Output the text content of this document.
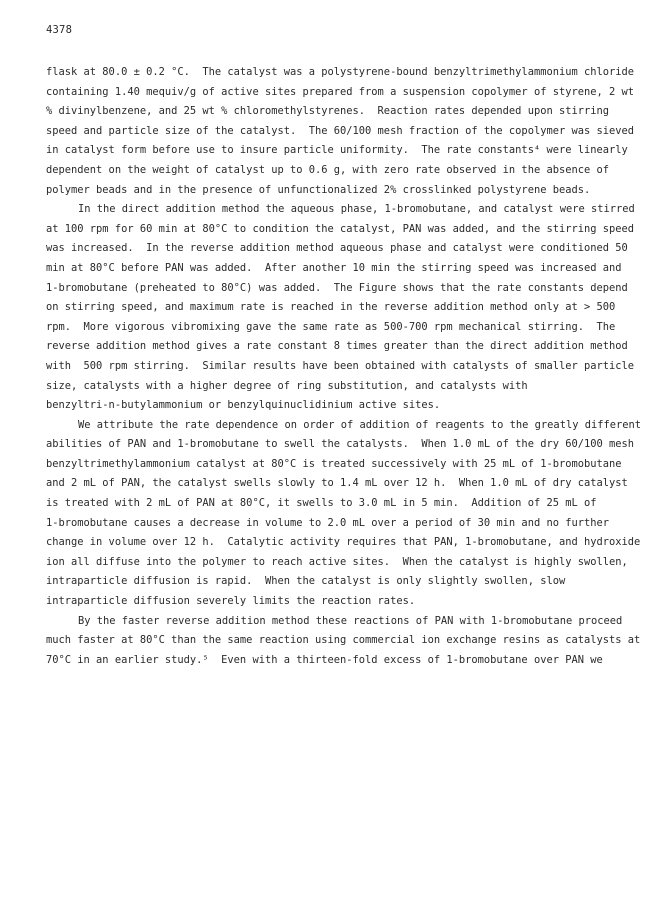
4378
flask at 80.0 ± 0.2 °C.  The catalyst was a polystyrene-bound benzyltrimethylammonium chloride
containing 1.40 mequiv/g of active sites prepared from a suspension copolymer of styrene, 2 wt
% divinylbenzene, and 25 wt % chloromethylstyrenes.  Reaction rates depended upon stirring
speed and particle size of the catalyst.  The 60/100 mesh fraction of the copolymer was sieved
in catalyst form before use to insure particle uniformity.  The rate constants⁴ were linearly
dependent on the weight of catalyst up to 0.6 g, with zero rate observed in the absence of
polymer beads and in the presence of unfunctionalized 2% crosslinked polystyrene beads.
In the direct addition method the aqueous phase, 1-bromobutane, and catalyst were stirred
at 100 rpm for 60 min at 80°C to condition the catalyst, PAN was added, and the stirring speed
was increased.  In the reverse addition method aqueous phase and catalyst were conditioned 50
min at 80°C before PAN was added.  After another 10 min the stirring speed was increased and
1-bromobutane (preheated to 80°C) was added.  The Figure shows that the rate constants depend
on stirring speed, and maximum rate is reached in the reverse addition method only at > 500
rpm.  More vigorous vibromixing gave the same rate as 500-700 rpm mechanical stirring.  The
reverse addition method gives a rate constant 8 times greater than the direct addition method
with  500 rpm stirring.  Similar results have been obtained with catalysts of smaller particle
size, catalysts with a higher degree of ring substitution, and catalysts with
benzyltri-n-butylammonium or benzylquinuclidinium active sites.
We attribute the rate dependence on order of addition of reagents to the greatly different
abilities of PAN and 1-bromobutane to swell the catalysts.  When 1.0 mL of the dry 60/100 mesh
benzyltrimethylammonium catalyst at 80°C is treated successively with 25 mL of 1-bromobutane
and 2 mL of PAN, the catalyst swells slowly to 1.4 mL over 12 h.  When 1.0 mL of dry catalyst
is treated with 2 mL of PAN at 80°C, it swells to 3.0 mL in 5 min.  Addition of 25 mL of
1-bromobutane causes a decrease in volume to 2.0 mL over a period of 30 min and no further
change in volume over 12 h.  Catalytic activity requires that PAN, 1-bromobutane, and hydroxide
ion all diffuse into the polymer to reach active sites.  When the catalyst is highly swollen,
intraparticle diffusion is rapid.  When the catalyst is only slightly swollen, slow
intraparticle diffusion severely limits the reaction rates.
By the faster reverse addition method these reactions of PAN with 1-bromobutane proceed
much faster at 80°C than the same reaction using commercial ion exchange resins as catalysts at
70°C in an earlier study.⁵  Even with a thirteen-fold excess of 1-bromobutane over PAN we
